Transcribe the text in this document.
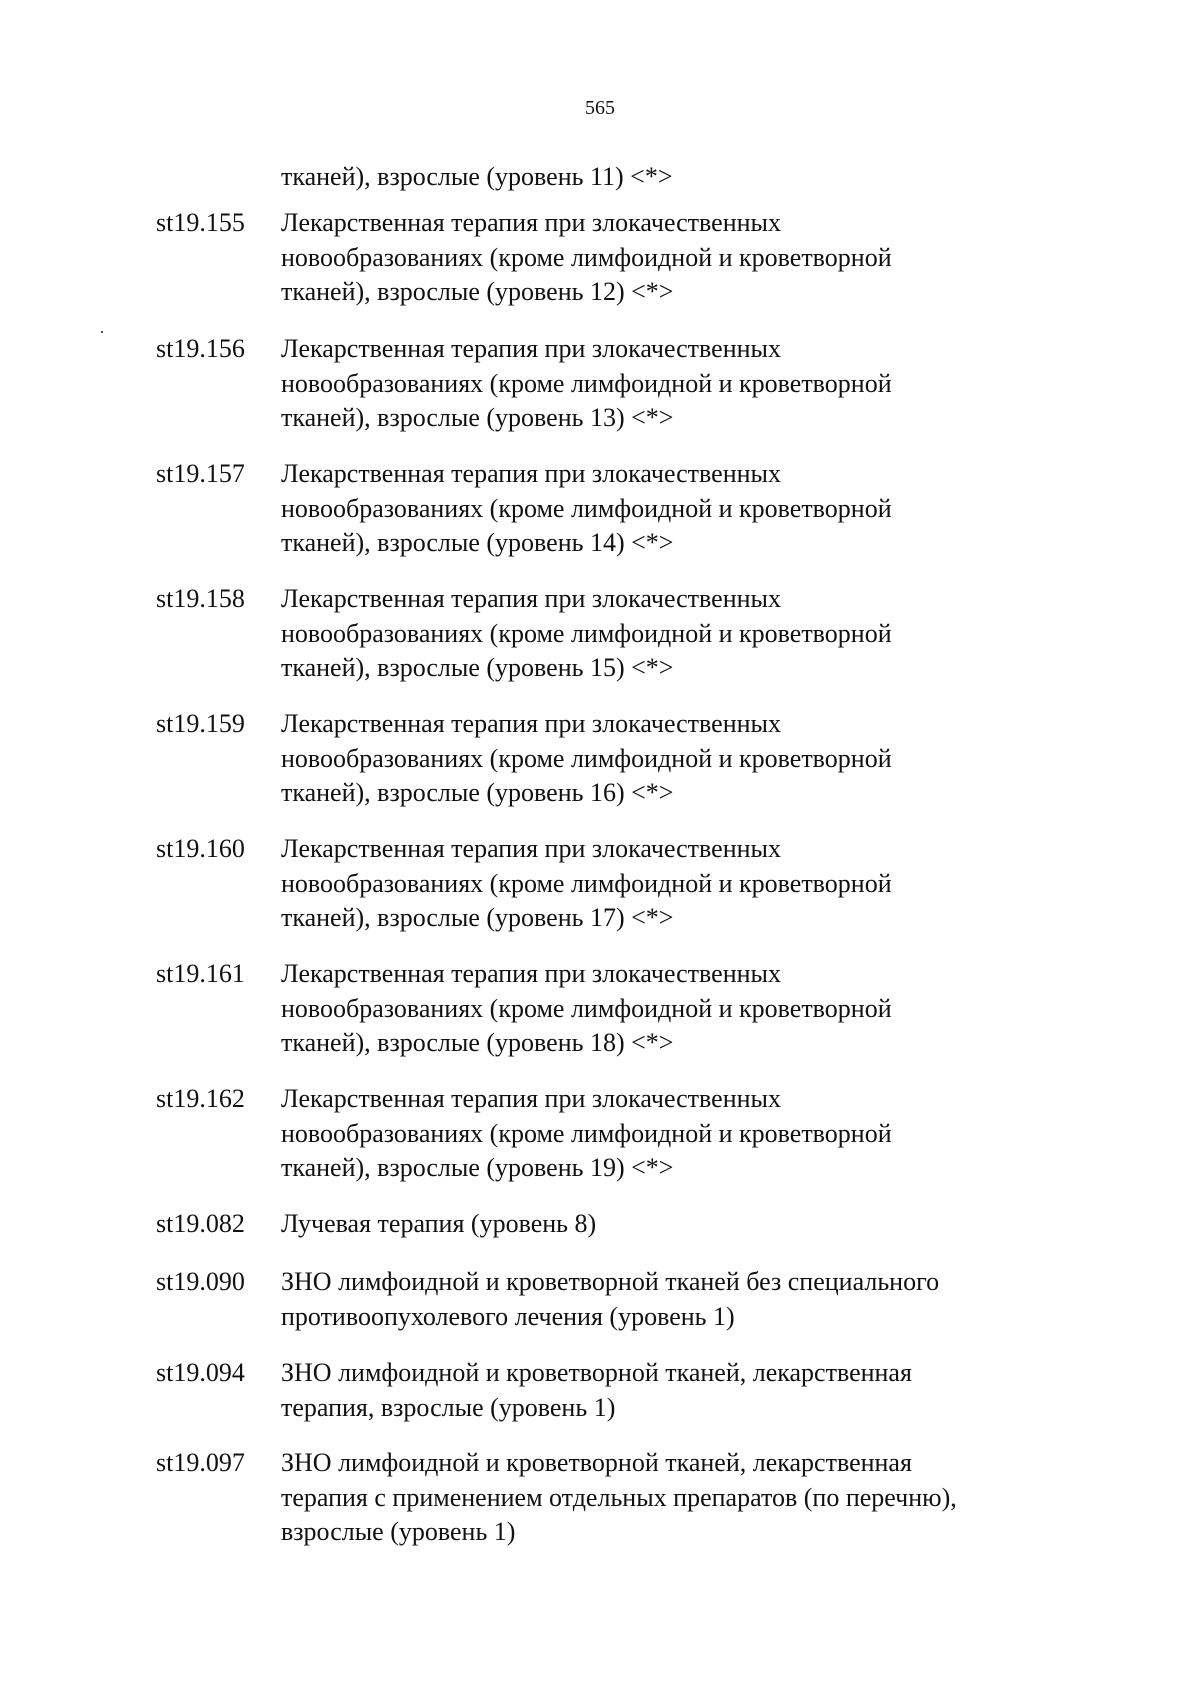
565
тканей), взрослые (уровень 11) <*>
st19.155 Лекарственная терапия при злокачественных
новообразованиях (кроме лимфоидной и кроветворной
тканей), взрослые (уровень 12) <*>
st19.156 Лекарственная терапия при злокачественных
новообразованиях (кроме лимфоидной и кроветворной
тканей), взрослые (уровень 13) <*>
st19.157 Лекарственная терапия при злокачественных
новообразованиях (кроме лимфоидной и кроветворной
тканей), взрослые (уровень 14) <*>
st19.158 Лекарственная терапия при злокачественных
новообразованиях (кроме лимфоидной и кроветворной
тканей), взрослые (уровень 15) <*>
st19.159 Лекарственная терапия при злокачественных
новообразованиях (кроме лимфоидной и кроветворной
тканей), взрослые (уровень 16) <*>
st19.160 Лекарственная терапия при злокачественных
новообразованиях (кроме лимфоидной и кроветворной
тканей), взрослые (уровень 17) <*>
st19.161 Лекарственная терапия при злокачественных
новообразованиях (кроме лимфоидной и кроветворной
тканей), взрослые (уровень 18) <*>
st19.162 Лекарственная терапия при злокачественных
новообразованиях (кроме лимфоидной и кроветворной
тканей), взрослые (уровень 19) <*>
st19.082 Лучевая терапия (уровень 8)
st19.090 ЗНО лимфоидной и кроветворной тканей без специального
противоопухолевого лечения (уровень 1)
st19.094 ЗНО лимфоидной и кроветворной тканей, лекарственная
терапия, взрослые (уровень 1)
st19.097 ЗНО лимфоидной и кроветворной тканей, лекарственная
терапия с применением отдельных препаратов (по перечню),
взрослые (уровень 1)
